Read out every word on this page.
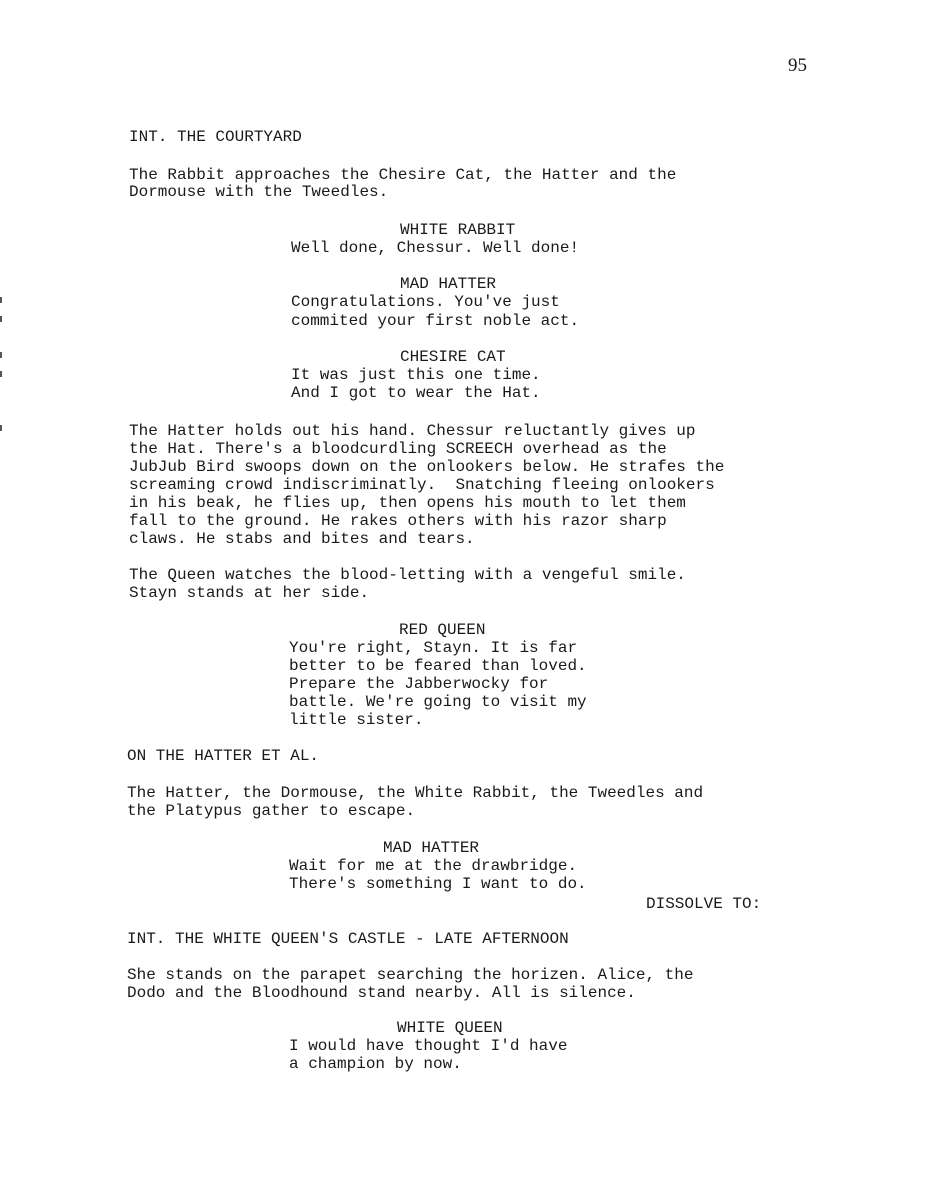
95
INT. THE COURTYARD
The Rabbit approaches the Chesire Cat, the Hatter and the
Dormouse with the Tweedles.
WHITE RABBIT
Well done, Chessur. Well done!
MAD HATTER
Congratulations. You've just
commited your first noble act.
CHESIRE CAT
It was just this one time.
And I got to wear the Hat.
The Hatter holds out his hand. Chessur reluctantly gives up
the Hat. There's a bloodcurdling SCREECH overhead as the
JubJub Bird swoops down on the onlookers below. He strafes the
screaming crowd indiscriminatly.  Snatching fleeing onlookers
in his beak, he flies up, then opens his mouth to let them
fall to the ground. He rakes others with his razor sharp
claws. He stabs and bites and tears.
The Queen watches the blood-letting with a vengeful smile.
Stayn stands at her side.
RED QUEEN
You're right, Stayn. It is far
better to be feared than loved.
Prepare the Jabberwocky for
battle. We're going to visit my
little sister.
ON THE HATTER ET AL.
The Hatter, the Dormouse, the White Rabbit, the Tweedles and
the Platypus gather to escape.
MAD HATTER
Wait for me at the drawbridge.
There's something I want to do.
DISSOLVE TO:
INT. THE WHITE QUEEN'S CASTLE - LATE AFTERNOON
She stands on the parapet searching the horizen. Alice, the
Dodo and the Bloodhound stand nearby. All is silence.
WHITE QUEEN
I would have thought I'd have
a champion by now.
